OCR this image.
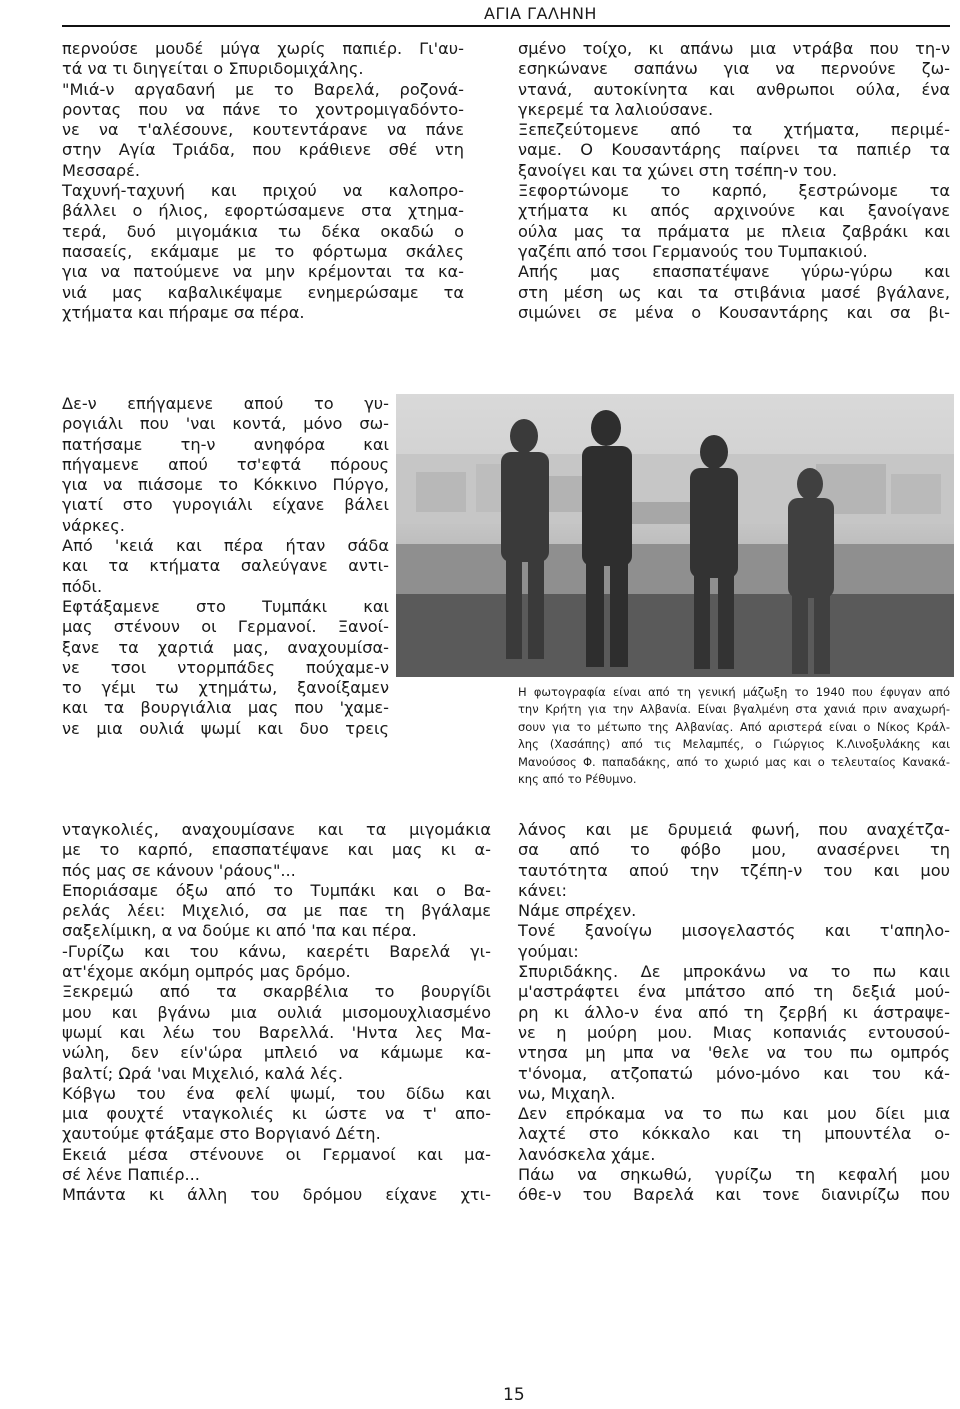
ΑΓΙΑ ΓΑΛΗΝΗ
περνούσε μουδέ μύγα χωρίς παπιέρ. Γι'αυ-
τά να τι διηγείται ο Σπυριδομιχάλης.
"Μιά-ν αργαδανή με το Βαρελά, ροζονά-
ροντας που να πάνε το χοντρομιγαδόντο-
νε να τ'αλέσουνε, κουτεντάρανε να πάνε
στην Αγία Τριάδα, που κράθιενε σθέ ντη
Μεσσαρέ.
Ταχυνή-ταχυνή και πριχού να καλοπρο-
βάλλει ο ήλιος, εφορτώσαμενε στα χτημα-
τερά, δυό μιγομάκια τω δέκα οκαδώ ο
πασαείς, εκάμαμε με το φόρτωμα σκάλες
για να πατούμενε να μην κρέμονται τα κα-
νιά μας καβαλικέψαμε ενημερώσαμε τα
χτήματα και πήραμε σα πέρα.
Δε-ν επήγαμενε απού το γυ-
ρογιάλι που 'ναι κοντά, μόνο σω-
πατήσαμε τη-ν ανηφόρα και
πήγαμενε απού τσ'εφτά πόρους
για να πιάσομε το Κόκκινο Πύργο,
γιατί στο γυρογιάλι είχανε βάλει
νάρκες.
Από 'κειά και πέρα ήταν σάδα
και τα κτήματα σαλεύγανε αντι-
πόδι.
Εφτάξαμενε στο Τυμπάκι και
μας στένουν οι Γερμανοί. Ξανοί-
ξανε τα χαρτιά μας, αναχουμίσα-
νε τσοι ντορμπάδες πούχαμε-ν
το γέμι τω χτημάτω, ξανοίξαμεν
και τα βουργιάλια μας που 'χαμε-
νε μια ουλιά ψωμί και δυο τρεις
νταγκολιές, αναχουμίσανε και τα μιγομάκια
με το καρπό, επασπατέψανε και μας κι α-
πός μας σε κάνουν 'ράους"...
Εποριάσαμε όξω από το Τυμπάκι και ο Βα-
ρελάς λέει: Μιχελιό, σα με παε τη βγάλαμε
σαξελίμικη, α να δούμε κι από 'πα και πέρα.
-Γυρίζω και του κάνω, καερέτι Βαρελά γι-
ατ'έχομε ακόμη ομπρός μας δρόμο.
Ξεκρεμώ από τα σκαρβέλια το βουργίδι
μου και βγάνω μια ουλιά μισομουχλιασμένο
ψωμί και λέω του Βαρελλά. 'Ηντα λες Μα-
νώλη, δεν είν'ώρα μπλειό να κάμωμε κα-
βαλτί; Ωρά 'ναι Μιχελιό, καλά λές.
Κόβγω του ένα φελί ψωμί, του δίδω και
μια φουχτέ νταγκολιές κι ώστε να τ' απο-
χαυτούμε φτάξαμε στο Βοργιανό Δέτη.
Εκειά μέσα στένουνε οι Γερμανοί και μα-
σέ λένε Παπιέρ...
Μπάντα κι άλλη του δρόμου είχανε χτι-
σμένο τοίχο, κι απάνω μια ντράβα που τη-ν
εσηκώνανε σαπάνω για να περνούνε ζω-
ντανά, αυτοκίνητα και ανθρωποι ούλα, ένα
γκερεμέ τα λαλιούσανε.
Ξεπεζεύτομενε από τα χτήματα, περιμέ-
ναμε. Ο Κουσαντάρης παίρνει τα παπιέρ τα
ξανοίγει και τα χώνει στη τσέπη-ν του.
Ξεφορτώνομε το καρπό, ξεστρώνομε τα
χτήματα κι απός αρχινούνε και ξανοίγανε
ούλα μας τα πράματα με πλεια ζαβράκι και
γαζέπι από τσοι Γερμανούς του Τυμπακιού.
Απής μας επασπατέψανε γύρω-γύρω και
στη μέση ως και τα στιβάνια μασέ βγάλανε,
σιμώνει σε μένα ο Κουσαντάρης και σα βι-
Η φωτογραφία είναι από τη γενική μάζωξη το 1940 που έφυγαν από
την Κρήτη για την Αλβανία. Είναι βγαλμένη στα χανιά πριν αναχωρή-
σουν για το μέτωπο της Αλβανίας. Από αριστερά είναι ο Νίκος Κράλ-
λης (Χασάπης) από τις Μελαμπές, ο Γιώργιος Κ.Λινοξυλάκης και
Μανούσος Φ. παπαδάκης, από το χωριό μας και ο τελευταίος Κανακά-
κης από το Ρέθυμνο.
λάνος και με δρυμειά φωνή, που αναχέτζα-
σα από το φόβο μου, ανασέρνει τη
ταυτότητα απού την τζέπη-ν του και μου
κάνει:
Νάμε σπρέχεν.
Τονέ ξανοίγω μισογελαστός και τ'απηλο-
γούμαι:
Σπυριδάκης. Δε μπροκάνω να το πω καιι
μ'αστράφτει ένα μπάτσο από τη δεξιά μού-
ρη κι άλλο-ν ένα από τη ζερβή κι άστραψε-
νε η μούρη μου. Μιας κοπανιάς εντουσού-
ντησα μη μπα να 'θελε να του πω ομπρός
τ'όνομα, ατζοπατώ μόνο-μόνο και του κά-
νω, Μιχαηλ.
Δεν επρόκαμα να το πω και μου δίει μια
λαχτέ στο κόκκαλο και τη μπουντέλα ο-
λανόσκελα χάμε.
Πάω να σηκωθώ, γυρίζω τη κεφαλή μου
όθε-ν του Βαρελά και τονε διανιρίζω που
15
